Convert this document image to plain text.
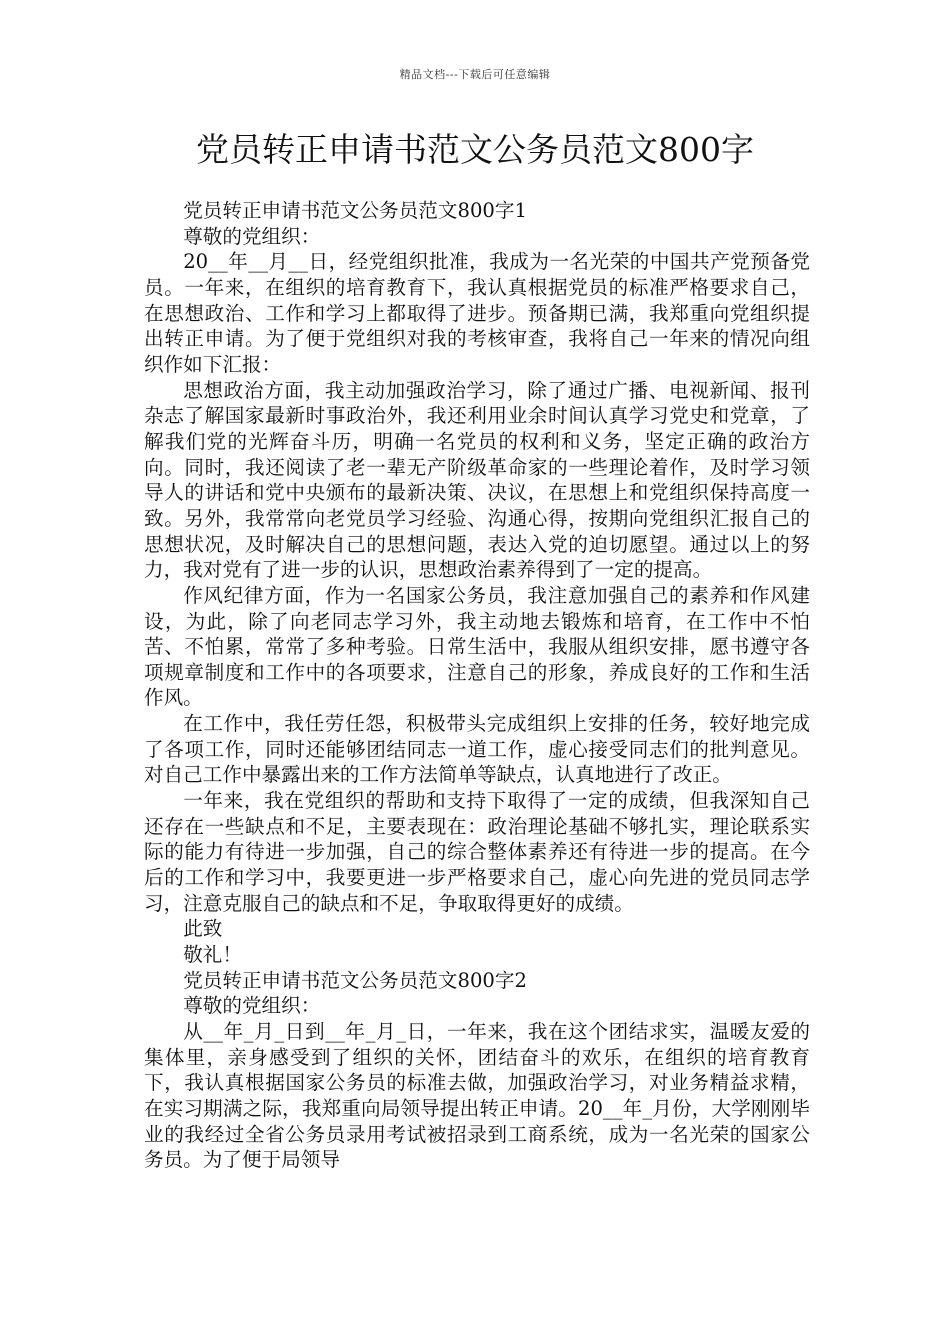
精品文档---下载后可任意编辑
党员转正申请书范文公务员范文800字

党员转正申请书范文公务员范文800字1

尊敬的党组织：

20__年__月__日，经党组织批准，我成为一名光荣的中国共产党预备党员。一年来，在组织的培育教育下，我认真根据党员的标准严格要求自己，在思想政治、工作和学习上都取得了进步。预备期已满，我郑重向党组织提出转正申请。为了便于党组织对我的考核审查，我将自己一年来的情况向组织作如下汇报：

思想政治方面，我主动加强政治学习，除了通过广播、电视新闻、报刊杂志了解国家最新时事政治外，我还利用业余时间认真学习党史和党章，了解我们党的光辉奋斗历，明确一名党员的权利和义务，坚定正确的政治方向。同时，我还阅读了老一辈无产阶级革命家的一些理论着作，及时学习领导人的讲话和党中央颁布的最新决策、决议，在思想上和党组织保持高度一致。另外，我常常向老党员学习经验、沟通心得，按期向党组织汇报自己的思想状况，及时解决自己的思想问题，表达入党的迫切愿望。通过以上的努力，我对党有了进一步的认识，思想政治素养得到了一定的提高。

作风纪律方面，作为一名国家公务员，我注意加强自己的素养和作风建设，为此，除了向老同志学习外，我主动地去锻炼和培育，在工作中不怕苦、不怕累，常常了多种考验。日常生活中，我服从组织安排，愿书遵守各项规章制度和工作中的各项要求，注意自己的形象，养成良好的工作和生活作风。

在工作中，我任劳任怨，积极带头完成组织上安排的任务，较好地完成了各项工作，同时还能够团结同志一道工作，虚心接受同志们的批判意见。对自己工作中暴露出来的工作方法简单等缺点，认真地进行了改正。

一年来，我在党组织的帮助和支持下取得了一定的成绩，但我深知自己还存在一些缺点和不足，主要表现在：政治理论基础不够扎实，理论联系实际的能力有待进一步加强，自己的综合整体素养还有待进一步的提高。在今后的工作和学习中，我要更进一步严格要求自己，虚心向先进的党员同志学习，注意克服自己的缺点和不足，争取取得更好的成绩。

此致

敬礼！

党员转正申请书范文公务员范文800字2

尊敬的党组织：

从__年_月_日到__年_月_日，一年来，我在这个团结求实，温暖友爱的集体里，亲身感受到了组织的关怀，团结奋斗的欢乐，在组织的培育教育下，我认真根据国家公务员的标准去做，加强政治学习，对业务精益求精，在实习期满之际，我郑重向局领导提出转正申请。20__年_月份，大学刚刚毕业的我经过全省公务员录用考试被招录到工商系统，成为一名光荣的国家公务员。为了便于局领导
